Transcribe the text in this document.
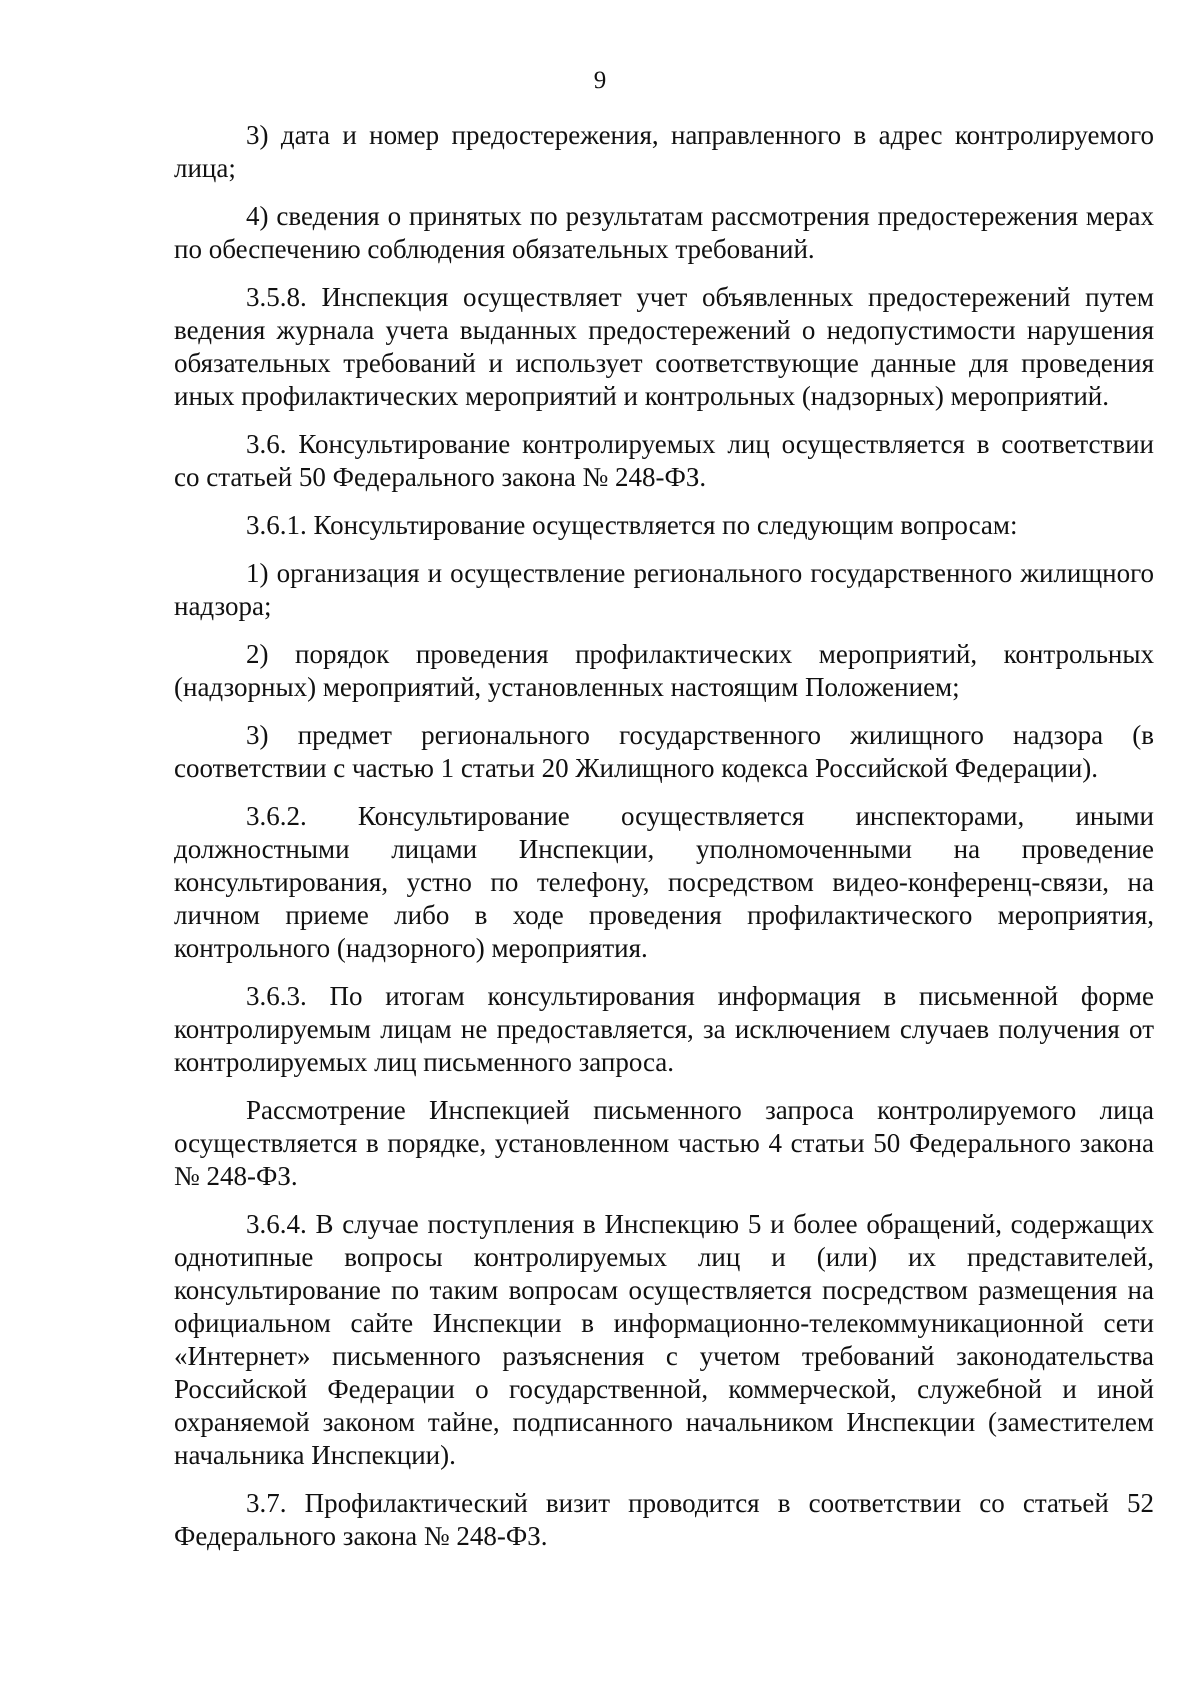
9

3) дата и номер предостережения, направленного в адрес контролируемого лица;

4) сведения о принятых по результатам рассмотрения предостережения мерах по обеспечению соблюдения обязательных требований.

3.5.8. Инспекция осуществляет учет объявленных предостережений путем ведения журнала учета выданных предостережений о недопустимости нарушения обязательных требований и использует соответствующие данные для проведения иных профилактических мероприятий и контрольных (надзорных) мероприятий.

3.6. Консультирование контролируемых лиц осуществляется в соответствии со статьей 50 Федерального закона № 248-ФЗ.

3.6.1. Консультирование осуществляется по следующим вопросам:

1) организация и осуществление регионального государственного жилищного надзора;

2) порядок проведения профилактических мероприятий, контрольных (надзорных) мероприятий, установленных настоящим Положением;

3) предмет регионального государственного жилищного надзора (в соответствии с частью 1 статьи 20 Жилищного кодекса Российской Федерации).

3.6.2. Консультирование осуществляется инспекторами, иными должностными лицами Инспекции, уполномоченными на проведение консультирования, устно по телефону, посредством видео-конференц-связи, на личном приеме либо в ходе проведения профилактического мероприятия, контрольного (надзорного) мероприятия.

3.6.3. По итогам консультирования информация в письменной форме контролируемым лицам не предоставляется, за исключением случаев получения от контролируемых лиц письменного запроса.

Рассмотрение Инспекцией письменного запроса контролируемого лица осуществляется в порядке, установленном частью 4 статьи 50 Федерального закона № 248-ФЗ.

3.6.4. В случае поступления в Инспекцию 5 и более обращений, содержащих однотипные вопросы контролируемых лиц и (или) их представителей, консультирование по таким вопросам осуществляется посредством размещения на официальном сайте Инспекции в информационно-телекоммуникационной сети «Интернет» письменного разъяснения с учетом требований законодательства Российской Федерации о государственной, коммерческой, служебной и иной охраняемой законом тайне, подписанного начальником Инспекции (заместителем начальника Инспекции).

3.7. Профилактический визит проводится в соответствии со статьей 52 Федерального закона № 248-ФЗ.
